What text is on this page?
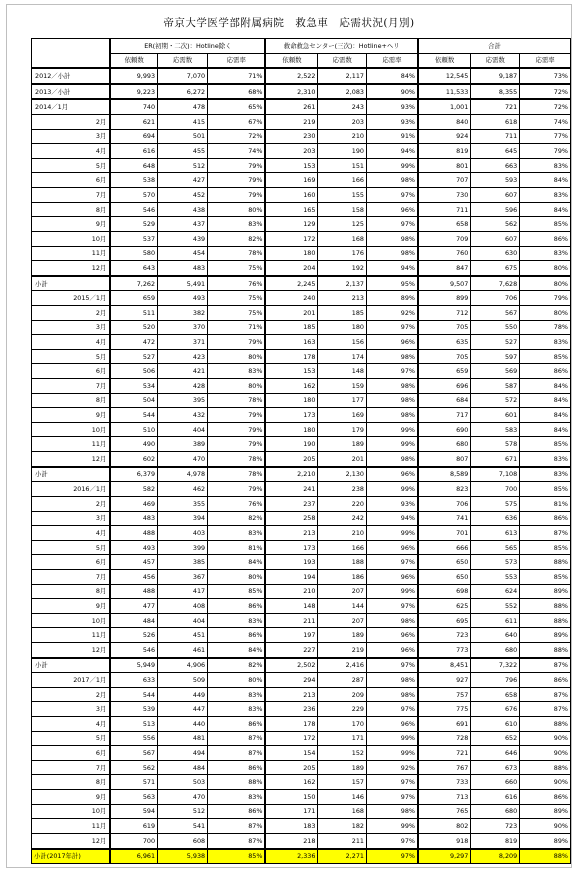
帝京大学医学部附属病院　救急車　応需状況(月別)
	ER(初期・二次)：Hotline除く			救命救急センター(三次)：Hotline+ヘリ			合計		
	依頼数	応需数	応需率	依頼数	応需数	応需率	依頼数	応需数	応需率
2012／小計	9,993	7,070	71%	2,522	2,117	84%	12,545	9,187	73%
2013／小計	9,223	6,272	68%	2,310	2,083	90%	11,533	8,355	72%
2014／1月	740	478	65%	261	243	93%	1,001	721	72%
2月	621	415	67%	219	203	93%	840	618	74%
3月	694	501	72%	230	210	91%	924	711	77%
4月	616	455	74%	203	190	94%	819	645	79%
5月	648	512	79%	153	151	99%	801	663	83%
6月	538	427	79%	169	166	98%	707	593	84%
7月	570	452	79%	160	155	97%	730	607	83%
8月	546	438	80%	165	158	96%	711	596	84%
9月	529	437	83%	129	125	97%	658	562	85%
10月	537	439	82%	172	168	98%	709	607	86%
11月	580	454	78%	180	176	98%	760	630	83%
12月	643	483	75%	204	192	94%	847	675	80%
小計	7,262	5,491	76%	2,245	2,137	95%	9,507	7,628	80%
2015／1月	659	493	75%	240	213	89%	899	706	79%
2月	511	382	75%	201	185	92%	712	567	80%
3月	520	370	71%	185	180	97%	705	550	78%
4月	472	371	79%	163	156	96%	635	527	83%
5月	527	423	80%	178	174	98%	705	597	85%
6月	506	421	83%	153	148	97%	659	569	86%
7月	534	428	80%	162	159	98%	696	587	84%
8月	504	395	78%	180	177	98%	684	572	84%
9月	544	432	79%	173	169	98%	717	601	84%
10月	510	404	79%	180	179	99%	690	583	84%
11月	490	389	79%	190	189	99%	680	578	85%
12月	602	470	78%	205	201	98%	807	671	83%
小計	6,379	4,978	78%	2,210	2,130	96%	8,589	7,108	83%
2016／1月	582	462	79%	241	238	99%	823	700	85%
2月	469	355	76%	237	220	93%	706	575	81%
3月	483	394	82%	258	242	94%	741	636	86%
4月	488	403	83%	213	210	99%	701	613	87%
5月	493	399	81%	173	166	96%	666	565	85%
6月	457	385	84%	193	188	97%	650	573	88%
7月	456	367	80%	194	186	96%	650	553	85%
8月	488	417	85%	210	207	99%	698	624	89%
9月	477	408	86%	148	144	97%	625	552	88%
10月	484	404	83%	211	207	98%	695	611	88%
11月	526	451	86%	197	189	96%	723	640	89%
12月	546	461	84%	227	219	96%	773	680	88%
小計	5,949	4,906	82%	2,502	2,416	97%	8,451	7,322	87%
2017／1月	633	509	80%	294	287	98%	927	796	86%
2月	544	449	83%	213	209	98%	757	658	87%
3月	539	447	83%	236	229	97%	775	676	87%
4月	513	440	86%	178	170	96%	691	610	88%
5月	556	481	87%	172	171	99%	728	652	90%
6月	567	494	87%	154	152	99%	721	646	90%
7月	562	484	86%	205	189	92%	767	673	88%
8月	571	503	88%	162	157	97%	733	660	90%
9月	563	470	83%	150	146	97%	713	616	86%
10月	594	512	86%	171	168	98%	765	680	89%
11月	619	541	87%	183	182	99%	802	723	90%
12月	700	608	87%	218	211	97%	918	819	89%
小計(2017年計)	6,961	5,938	85%	2,336	2,271	97%	9,297	8,209	88%
